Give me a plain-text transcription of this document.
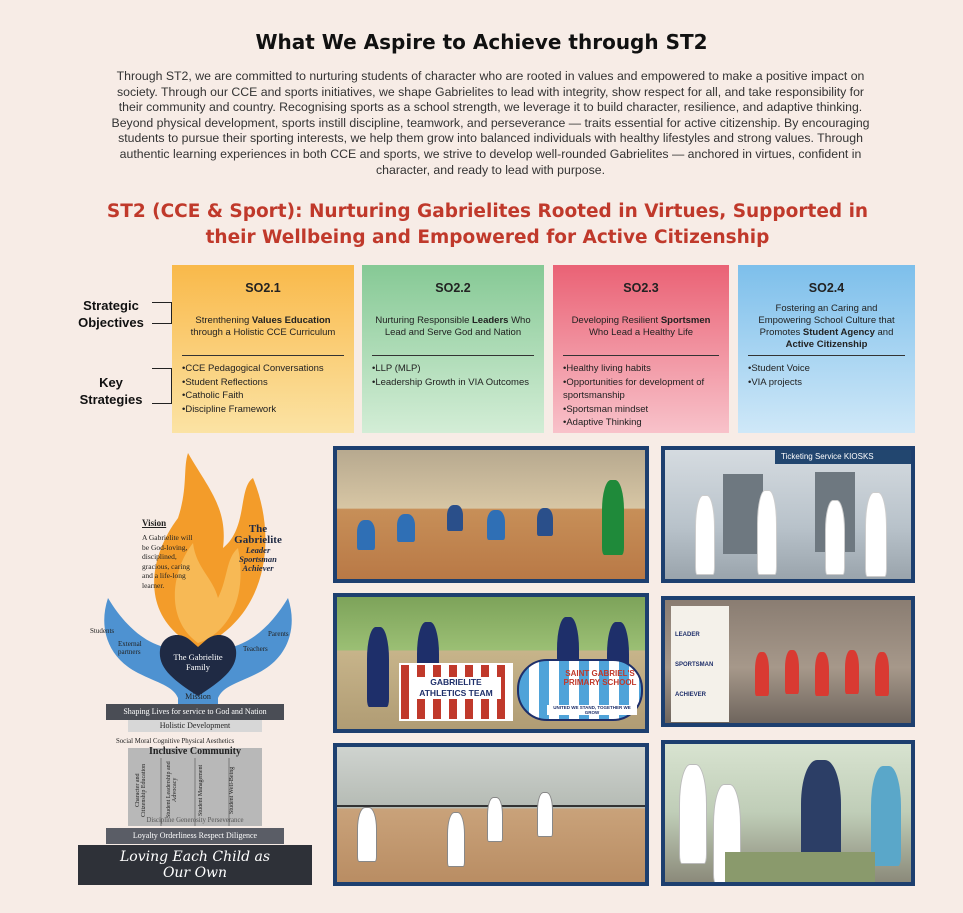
What We Aspire to Achieve through ST2
Through ST2, we are committed to nurturing students of character who are rooted in values and empowered to make a positive impact on society. Through our CCE and sports initiatives, we shape Gabrielites to lead with integrity, show respect for all, and take responsibility for their community and country. Recognising sports as a school strength, we leverage it to build character, resilience, and adaptive thinking. Beyond physical development, sports instill discipline, teamwork, and perseverance — traits essential for active citizenship. By encouraging students to pursue their sporting interests, we help them grow into balanced individuals with healthy lifestyles and strong values. Through authentic learning experiences in both CCE and sports, we strive to develop well-rounded Gabrielites — anchored in virtues, confident in character, and ready to lead with purpose.
ST2 (CCE & Sport): Nurturing Gabrielites Rooted in Virtues, Supported in
their Wellbeing and Empowered for Active Citizenship
Strategic
Objectives
Key
Strategies
SO2.1
Strenthening Values Education through a Holistic CCE Curriculum
• CCE Pedagogical Conversations
• Student Reflections
• Catholic Faith
• Discipline Framework
SO2.2
Nurturing Responsible Leaders Who Lead and Serve God and Nation
• LLP (MLP)
• Leadership Growth in VIA Outcomes
SO2.3
Developing Resilient Sportsmen Who Lead a Healthy Life
• Healthy living habits
• Opportunities for development of sportsmanship
• Sportsman mindset
• Adaptive Thinking
SO2.4
Fostering an Caring and Empowering School Culture that Promotes Student Agency and Active Citizenship
• Student Voice
• VIA projects
Vision
A Gabrielite will be God-loving, disciplined, gracious, caring and a life-long learner.
The
Gabrielite
Leader
Sportsman
Achiever
Students
External partners
Parents
Teachers
The Gabrielite
Family
Mission
Shaping Lives for service to God and Nation
Holistic Development
Social Moral Cognitive Physical Aesthetics
Inclusive Community
Character and Citizenship Education	Student Leadership and Advocacy	Student Management	Student Well-Being
Discipline Generosity Perseverance
Loyalty Orderliness Respect Diligence
Loving Each Child as
Our Own
Ticketing Service KIOSKS
GABRIELITE ATHLETICS TEAM
SAINT GABRIEL'S PRIMARY SCHOOL
UNITED WE STAND, TOGETHER WE GROW
LEADER
SPORTSMAN
ACHIEVER
